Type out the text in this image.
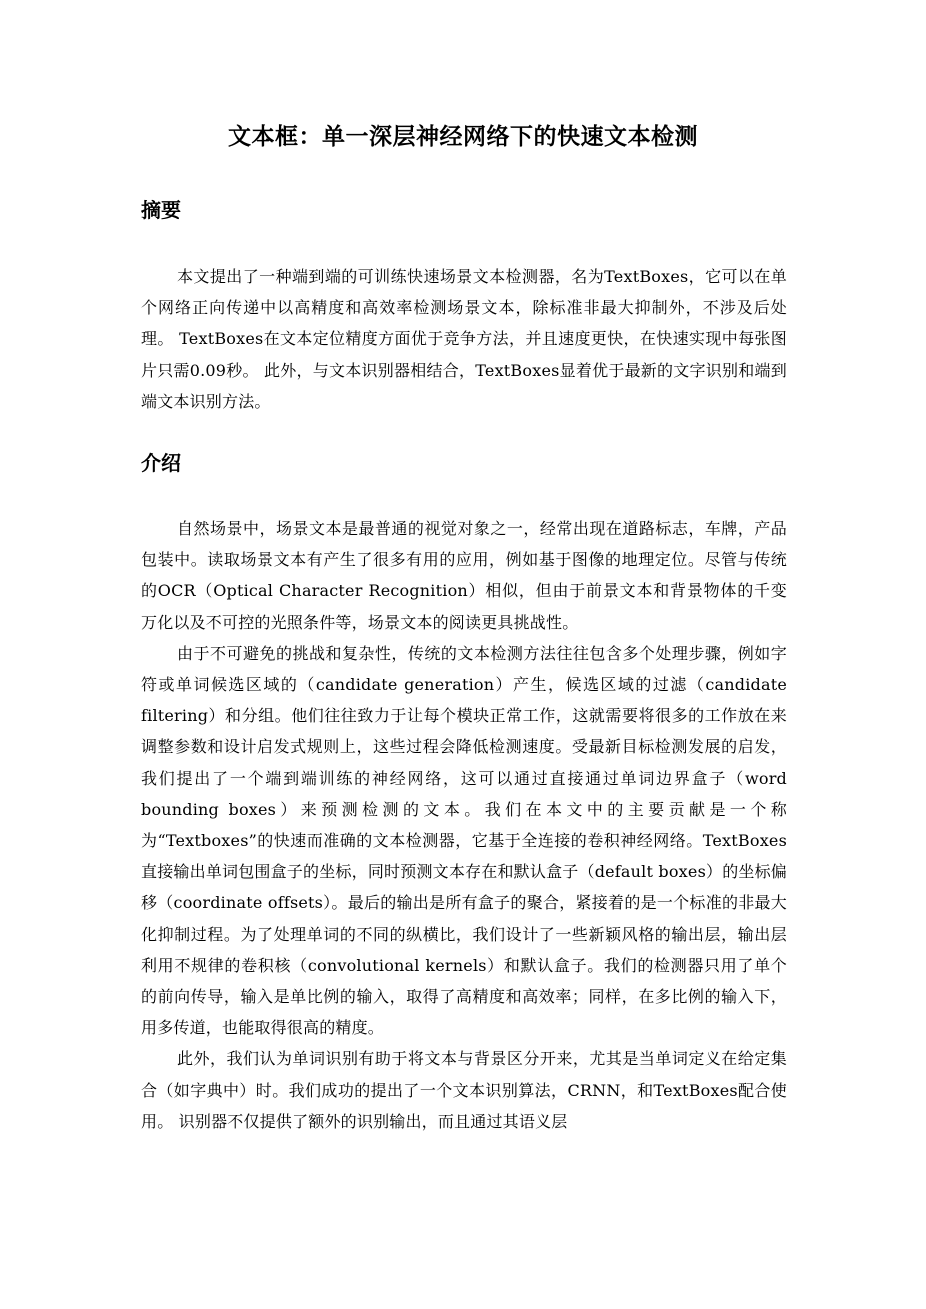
文本框：单一深层神经网络下的快速文本检测
摘要

本文提出了一种端到端的可训练快速场景文本检测器，名为TextBoxes，它可以在单个网络正向传递中以高精度和高效率检测场景文本，除标准非最大抑制外，不涉及后处理。 TextBoxes在文本定位精度方面优于竞争方法，并且速度更快，在快速实现中每张图片只需0.09秒。 此外，与文本识别器相结合，TextBoxes显着优于最新的文字识别和端到端文本识别方法。

介绍

自然场景中，场景文本是最普通的视觉对象之一，经常出现在道路标志，车牌，产品包装中。读取场景文本有产生了很多有用的应用，例如基于图像的地理定位。尽管与传统的OCR（Optical Character Recognition）相似，但由于前景文本和背景物体的千变万化以及不可控的光照条件等，场景文本的阅读更具挑战性。

由于不可避免的挑战和复杂性，传统的文本检测方法往往包含多个处理步骤，例如字符或单词候选区域的（candidate generation）产生，候选区域的过滤（candidate filtering）和分组。他们往往致力于让每个模块正常工作，这就需要将很多的工作放在来调整参数和设计启发式规则上，这些过程会降低检测速度。受最新目标检测发展的启发，我们提出了一个端到端训练的神经网络，这可以通过直接通过单词边界盒子（word bounding boxes）来预测检测的文本。我们在本文中的主要贡献是一个称为“Textboxes”的快速而准确的文本检测器，它基于全连接的卷积神经网络。TextBoxes直接输出单词包围盒子的坐标，同时预测文本存在和默认盒子（default boxes）的坐标偏移（coordinate offsets）。最后的输出是所有盒子的聚合，紧接着的是一个标准的非最大化抑制过程。为了处理单词的不同的纵横比，我们设计了一些新颖风格的输出层，输出层利用不规律的卷积核（convolutional kernels）和默认盒子。我们的检测器只用了单个的前向传导，输入是单比例的输入，取得了高精度和高效率；同样，在多比例的输入下，用多传道，也能取得很高的精度。

此外，我们认为单词识别有助于将文本与背景区分开来，尤其是当单词定义在给定集合（如字典中）时。我们成功的提出了一个文本识别算法，CRNN，和TextBoxes配合使用。 识别器不仅提供了额外的识别输出，而且通过其语义层
